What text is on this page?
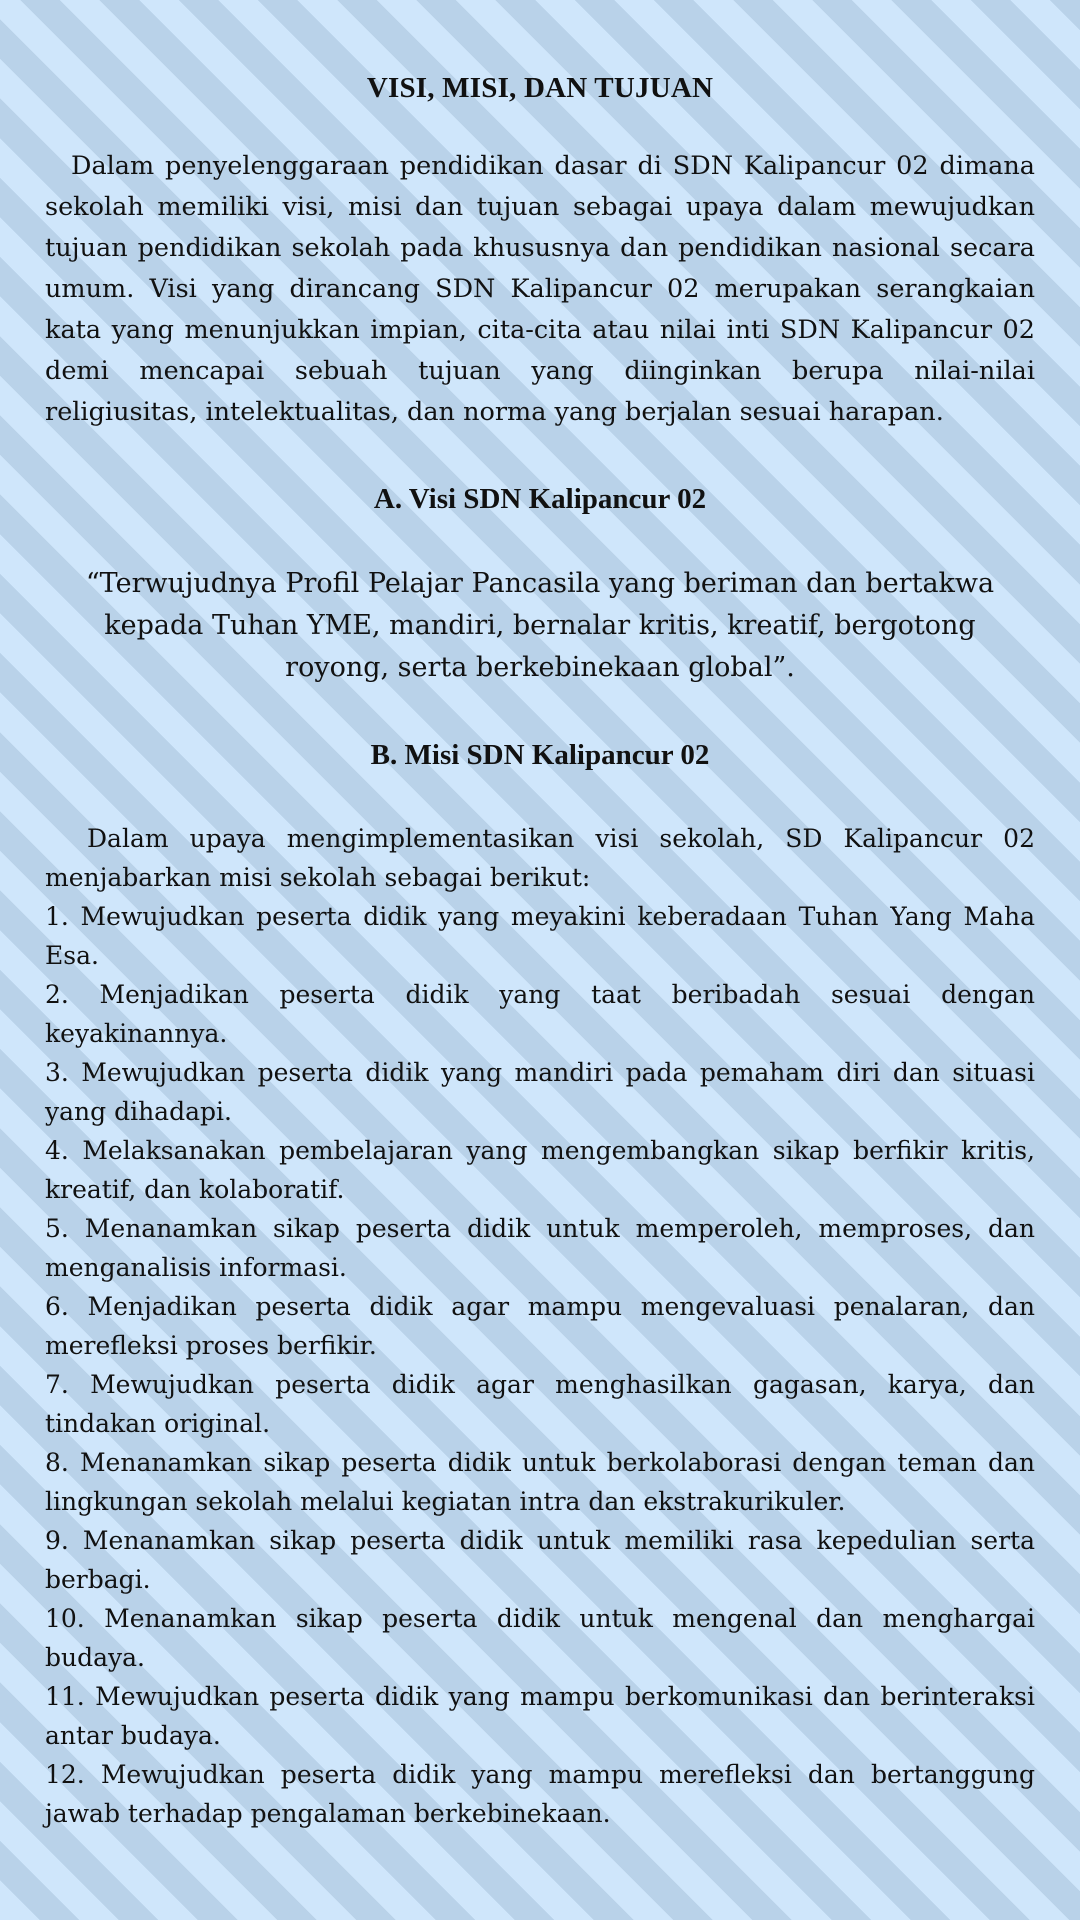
VISI, MISI, DAN TUJUAN

Dalam penyelenggaraan pendidikan dasar di SDN Kalipancur 02 dimana sekolah memiliki visi, misi dan tujuan sebagai upaya dalam mewujudkan tujuan pendidikan sekolah pada khususnya dan pendidikan nasional secara umum. Visi yang dirancang SDN Kalipancur 02 merupakan serangkaian kata yang menunjukkan impian, cita-cita atau nilai inti SDN Kalipancur 02 demi mencapai sebuah tujuan yang diinginkan berupa nilai-nilai religiusitas, intelektualitas, dan norma yang berjalan sesuai harapan.

A. Visi SDN Kalipancur 02

“Terwujudnya Profil Pelajar Pancasila yang beriman dan bertakwa kepada Tuhan YME, mandiri, bernalar kritis, kreatif, bergotong royong, serta berkebinekaan global”.

B. Misi SDN Kalipancur 02

Dalam upaya mengimplementasikan visi sekolah, SD Kalipancur 02 menjabarkan misi sekolah sebagai berikut:

1. Mewujudkan peserta didik yang meyakini keberadaan Tuhan Yang Maha Esa.
2. Menjadikan peserta didik yang taat beribadah sesuai dengan keyakinannya.
3. Mewujudkan peserta didik yang mandiri pada pemaham diri dan situasi yang dihadapi.
4. Melaksanakan pembelajaran yang mengembangkan sikap berfikir kritis, kreatif, dan kolaboratif.
5. Menanamkan sikap peserta didik untuk memperoleh, memproses, dan menganalisis informasi.
6. Menjadikan peserta didik agar mampu mengevaluasi penalaran, dan merefleksi proses berfikir.
7. Mewujudkan peserta didik agar menghasilkan gagasan, karya, dan tindakan original.
8. Menanamkan sikap peserta didik untuk berkolaborasi dengan teman dan lingkungan sekolah melalui kegiatan intra dan ekstrakurikuler.
9. Menanamkan sikap peserta didik untuk memiliki rasa kepedulian serta berbagi.
10. Menanamkan sikap peserta didik untuk mengenal dan menghargai budaya.
11. Mewujudkan peserta didik yang mampu berkomunikasi dan berinteraksi antar budaya.
12. Mewujudkan peserta didik yang mampu merefleksi dan bertanggung jawab terhadap pengalaman berkebinekaan.
